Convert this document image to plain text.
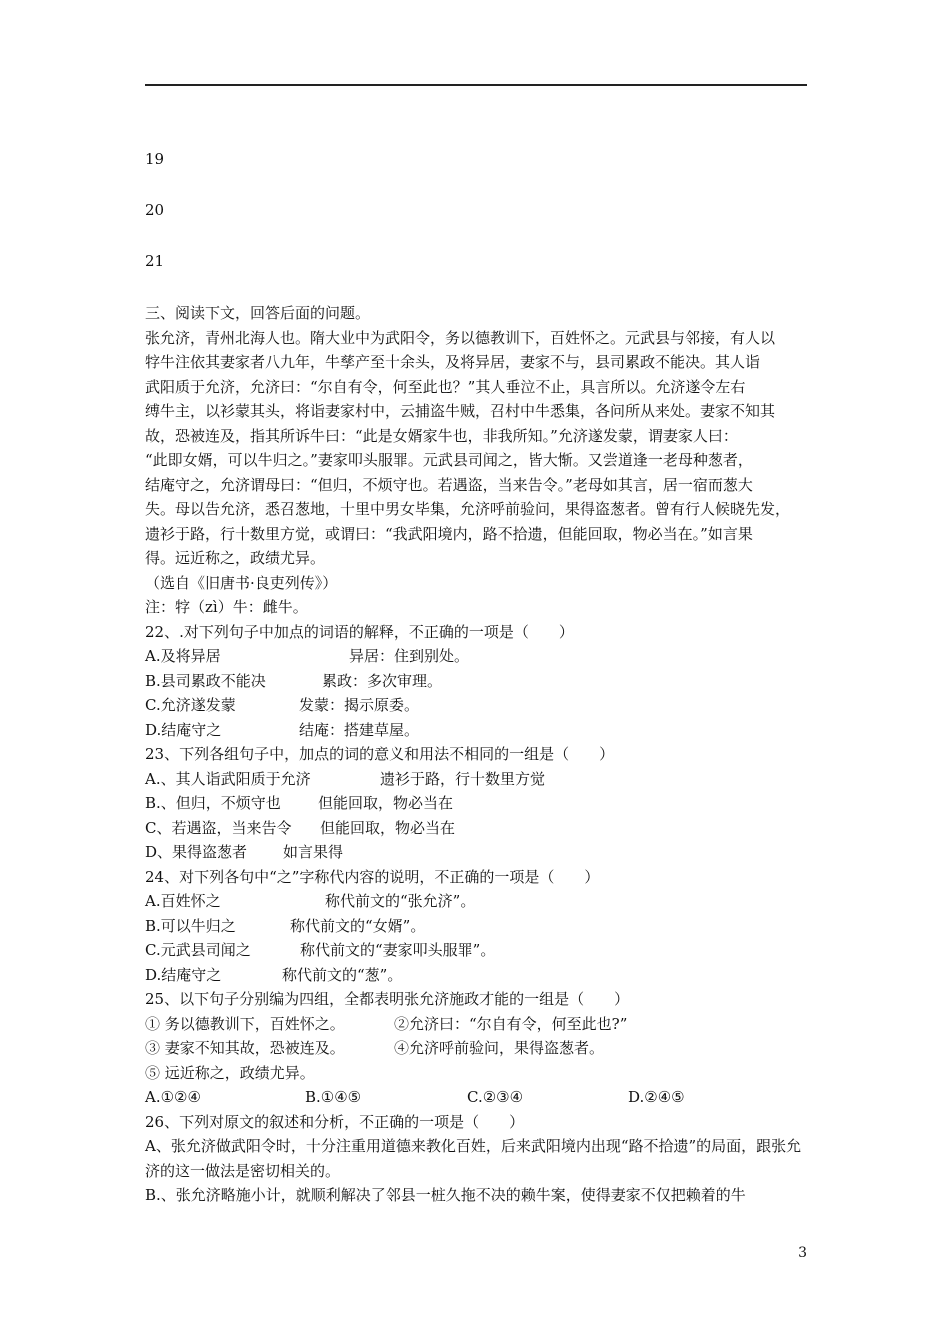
19
20
21
三、阅读下文，回答后面的问题。
张允济，青州北海人也。隋大业中为武阳令，务以德教训下，百姓怀之。元武县与邻接，有人以
牸牛注依其妻家者八九年，牛孳产至十余头，及将异居，妻家不与，县司累政不能决。其人诣
武阳质于允济，允济曰：“尔自有令，何至此也？”其人垂泣不止，具言所以。允济遂令左右
缚牛主，以衫蒙其头，将诣妻家村中，云捕盗牛贼，召村中牛悉集，各问所从来处。妻家不知其
故，恐被连及，指其所诉牛曰：“此是女婿家牛也，非我所知。”允济遂发蒙，谓妻家人曰：
“此即女婿，可以牛归之。”妻家叩头服罪。元武县司闻之，皆大惭。又尝道逢一老母种葱者，
结庵守之，允济谓母曰：“但归，不烦守也。若遇盗，当来告令。”老母如其言，居一宿而葱大
失。母以告允济，悉召葱地，十里中男女毕集，允济呼前验问，果得盗葱者。曾有行人候晓先发，
遗衫于路，行十数里方觉，或谓曰：“我武阳境内，路不拾遗，但能回取，物必当在。”如言果
得。远近称之，政绩尤异。
（选自《旧唐书·良吏列传》）
注：牸（zì）牛：雌牛。
22、.对下列句子中加点的词语的解释，不正确的一项是（　　）
A.及将异居	异居：住到别处。
B.县司累政不能决	累政：多次审理。
C.允济遂发蒙	发蒙：揭示原委。
D.结庵守之	结庵：搭建草屋。
23、下列各组句子中，加点的词的意义和用法不相同的一组是（　　）
A.、其人诣武阳质于允济	遗衫于路，行十数里方觉
B.、但归，不烦守也 但能回取，物必当在
C、若遇盗，当来告令 但能回取，物必当在
D、果得盗葱者 如言果得
24、对下列各句中“之”字称代内容的说明，不正确的一项是（　　）
A.百姓怀之	称代前文的“张允济”。
B.可以牛归之	称代前文的“女婿”。
C.元武县司闻之	称代前文的“妻家叩头服罪”。
D.结庵守之	称代前文的“葱”。
25、以下句子分别编为四组，全都表明张允济施政才能的一组是（　　）
① 务以德教训下，百姓怀之。	②允济曰：“尔自有令，何至此也?”
③ 妻家不知其故，恐被连及。	④允济呼前验问，果得盗葱者。
⑤ 远近称之，政绩尤异。
A.①②④	B.①④⑤	C.②③④	D.②④⑤
26、下列对原文的叙述和分析，不正确的一项是（　　）
A、张允济做武阳令时，十分注重用道德来教化百姓，后来武阳境内出现“路不拾遗”的局面，跟张允济的这一做法是密切相关的。
B.、张允济略施小计，就顺利解决了邻县一桩久拖不决的赖牛案，使得妻家不仅把赖着的牛
3
